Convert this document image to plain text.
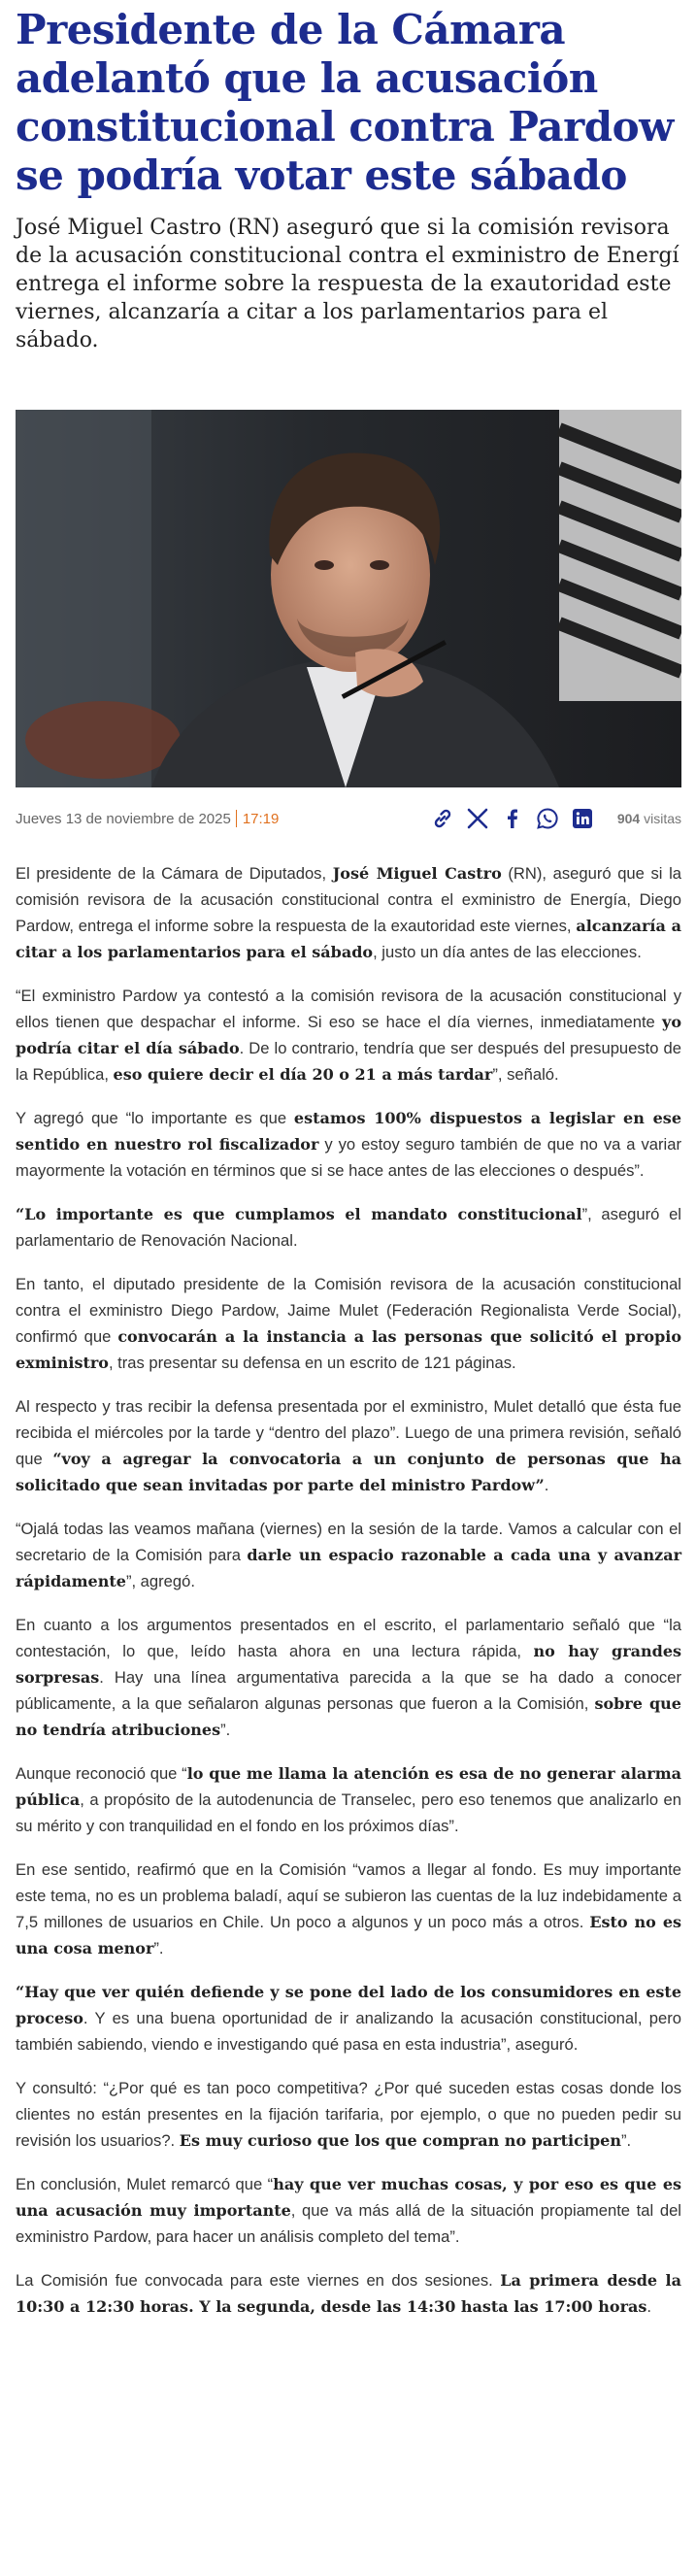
Presidente de la Cámara adelantó que la acusación constitucional contra Pardow se podría votar este sábado

José Miguel Castro (RN) aseguró que si la comisión revisora de la acusación constitucional contra el exministro de Energí entrega el informe sobre la respuesta de la exautoridad este viernes, alcanzaría a citar a los parlamentarios para el sábado.

Jueves 13 de noviembre de 2025 17:19	904 visitas

El presidente de la Cámara de Diputados, José Miguel Castro (RN), aseguró que si la comisión revisora de la acusación constitucional contra el exministro de Energía, Diego Pardow, entrega el informe sobre la respuesta de la exautoridad este viernes, alcanzaría a citar a los parlamentarios para el sábado, justo un día antes de las elecciones.

“El exministro Pardow ya contestó a la comisión revisora de la acusación constitucional y ellos tienen que despachar el informe. Si eso se hace el día viernes, inmediatamente yo podría citar el día sábado. De lo contrario, tendría que ser después del presupuesto de la República, eso quiere decir el día 20 o 21 a más tardar”, señaló.

Y agregó que “lo importante es que estamos 100% dispuestos a legislar en ese sentido en nuestro rol fiscalizador y yo estoy seguro también de que no va a variar mayormente la votación en términos que si se hace antes de las elecciones o después”.

“Lo importante es que cumplamos el mandato constitucional”, aseguró el parlamentario de Renovación Nacional.

En tanto, el diputado presidente de la Comisión revisora de la acusación constitucional contra el exministro Diego Pardow, Jaime Mulet (Federación Regionalista Verde Social), confirmó que convocarán a la instancia a las personas que solicitó el propio exministro, tras presentar su defensa en un escrito de 121 páginas.

Al respecto y tras recibir la defensa presentada por el exministro, Mulet detalló que ésta fue recibida el miércoles por la tarde y “dentro del plazo”. Luego de una primera revisión, señaló que “voy a agregar la convocatoria a un conjunto de personas que ha solicitado que sean invitadas por parte del ministro Pardow”.

“Ojalá todas las veamos mañana (viernes) en la sesión de la tarde. Vamos a calcular con el secretario de la Comisión para darle un espacio razonable a cada una y avanzar rápidamente”, agregó.

En cuanto a los argumentos presentados en el escrito, el parlamentario señaló que “la contestación, lo que, leído hasta ahora en una lectura rápida, no hay grandes sorpresas. Hay una línea argumentativa parecida a la que se ha dado a conocer públicamente, a la que señalaron algunas personas que fueron a la Comisión, sobre que no tendría atribuciones”.

Aunque reconoció que “lo que me llama la atención es esa de no generar alarma pública, a propósito de la autodenuncia de Transelec, pero eso tenemos que analizarlo en su mérito y con tranquilidad en el fondo en los próximos días”.

En ese sentido, reafirmó que en la Comisión “vamos a llegar al fondo. Es muy importante este tema, no es un problema baladí, aquí se subieron las cuentas de la luz indebidamente a 7,5 millones de usuarios en Chile. Un poco a algunos y un poco más a otros. Esto no es una cosa menor”.

“Hay que ver quién defiende y se pone del lado de los consumidores en este proceso. Y es una buena oportunidad de ir analizando la acusación constitucional, pero también sabiendo, viendo e investigando qué pasa en esta industria”, aseguró.

Y consultó: “¿Por qué es tan poco competitiva? ¿Por qué suceden estas cosas donde los clientes no están presentes en la fijación tarifaria, por ejemplo, o que no pueden pedir su revisión los usuarios?. Es muy curioso que los que compran no participen”.

En conclusión, Mulet remarcó que “hay que ver muchas cosas, y por eso es que es una acusación muy importante, que va más allá de la situación propiamente tal del exministro Pardow, para hacer un análisis completo del tema”.

La Comisión fue convocada para este viernes en dos sesiones. La primera desde la 10:30 a 12:30 horas. Y la segunda, desde las 14:30 hasta las 17:00 horas.
